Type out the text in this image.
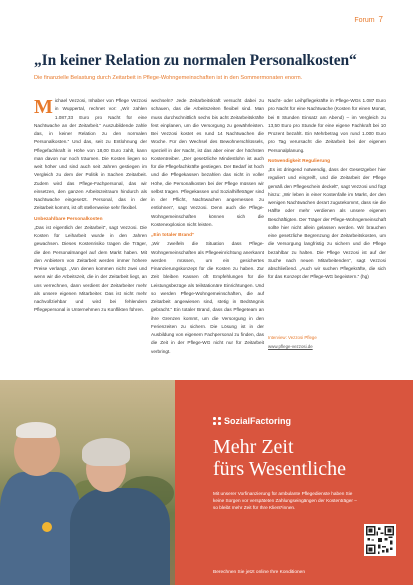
Forum 7
„In keiner Relation zu normalen Personalkosten“
Die finanzielle Belastung durch Zeitarbeit in Pflege-Wohngemeinschaften ist in den Sommermonaten enorm.
M ichael Vezzosi, Inhaber von Pflege Vezzosi in Wuppertal, rechnet vor: „Wir zahlen 1.087,33 Euro pro Nacht für eine Nachtwache an der Zeitarbeit.“ Auszubildende zahle das, in keiner Relation zu den normalen Personalkosten.“ Und das, seit zu Entlohnung der Pflegefachkraft in Höhe von 18,00 Euro zahlt, kann man davon nur noch träumen. Die Kosten liegen so weit höher und sind auch seit Jahren gestiegen im Vergleich zu dem der Politik in Sachen Zeitarbeit. Zudem wird das Pflege-Fachpersonal, das wir einsetzen, den ganzen Arbeitszeitraum hindurch als Nachtwache eingesetzt. Personal, das in der Zeitarbeit kommt, ist oft stellenweise sehr flexibel.

Unbezahlbare Personalkosten

„Das ist eigentlich der Zeitarbeit“, sagt Vezzosi. Die Kosten für Leiharbeit wurde in den Jahren gewachsen. Dieses Kostenrisiko tragen die Träger, die den Personalmangel auf dem Markt haben. Mit den Anbietern von Zeitarbeit werden immer höhere Preise verlangt. „Von denen kommen nicht zwei und wenn wir die Arbeitszeit, die in der Zeitarbeit liegt, an uns verrechnen, dann verdient der Zeitarbeiter mehr als unsere eigenen Mitarbeiter. Das ist nicht mehr nachvollziehbar und wird bei fehlendem Pflegepersonal in Unternehmen zu Konflikten führen.

wechseln? Jede Zeitarbeitskraft versucht dabei zu schauen, das die Arbeitszeiten flexibel sind. Man muss durchschnittlich sechs bis acht Zeitarbeitskräfte fest einplanen, um die Versorgung zu gewährleisten. Bei Vezzosi kostet es rund 14 Nachtwachen die Woche. Für den Wechsel des Bewohnerschlüssels, speziell in der Nacht, ist das aber einer der höchsten Kostentreiber. „Der gesetzliche Mindestlohn ist auch für die Pflegefachkräfte gestiegen. Der Bedarf ist hoch und die Pflegekassen bezahlen das nicht in voller Höhe, die Personalkosten bei der Pflege müssen wir selbst tragen. Pflegekassen und Sozialhilfeträger sind in der Pflicht, Nachtwachen angemessen zu entlohnen“, sagt Vezzosi. Denn auch die Pflege-Wohngemeinschaften können sich die Kostenexplosion nicht leisten.

„Ein totaler Brand“

„Wir zweifeln die Situation dass Pflege-Wohngemeinschaften als Pflegeeinrichtung anerkannt werden müssen, um ein gesichertes Finanzierungskonzept für die Kosten zu haben. Zur Zeit bleiben Kassen oft Empfehlungen für die Leistungsbezüge als teilstationäre Einrichtungen. Und so werden Pflege-Wohngemeinschaften, die auf Zeitarbeit angewiesen sind, stetig in Bedrängnis gebracht.“ Ein totaler Brand, dass das Pflegeteam an ihre Grenzen kommt, um die Versorgung in den Ferienzeiten zu sichern. Die Lösung ist in der Ausbildung von eigenem Fachpersonal zu finden, das die Zeit in der Pflege-WG nicht nur für Zeitarbeit verbringt.

Nacht- oder Leihpflegekräfte in Pflege-WGs 1.087 Euro pro Nacht für eine Nachtwache (Kosten für einen Monat, bei 8 Stunden Einsatz am Abend) – im Vergleich zu 13,50 Euro pro Stunde für eine eigene Fachkraft bei 10 Prozent bezahlt. Ein Mehrbetrag von rund 1.000 Euro pro Tag verursacht die Zeitarbeit bei der eigenen Personalplanung.

Notwendigkeit Regulierung

„Es ist dringend notwendig, dass der Gesetzgeber hier reguliert und eingreift, und die Zeitarbeit der Pflege gemäß den Pflegeschein deckelt“, sagt Vezzosi und fügt hinzu: „Wir leben in einer Kostenfalle im Markt, der den wenigen Nachtwachen derart zugutekommt, dass sie die Hälfte oder mehr verdienen als unsere eigenen Beschäftigten. Der Träger der Pflege-Wohngemeinschaft sollte hier nicht allein gelassen werden. Wir brauchen eine gesetzliche Begrenzung der Zeitarbeitskosten, um die Versorgung langfristig zu sichern und die Pflege bezahlbar zu halten. Die Pflege Vezzosi ist auf der Suche nach neuen Mitarbeitenden“, sagt Vezzosi abschließend. „Auch wir suchen Pflegekräfte, die sich für das Konzept der Pflege-WG begeistern.“ (hg)

Interview: Vezzosi Pflege
www.pflege-vezzosi.de
SozialFactoring
Mehr Zeit
fürs Wesentliche
Mit unserer Vorfinanzierung für ambulante Pflegedienste haben Sie keine Sorgen vor verspäteten Zahlungseingängen der Kostenträger – so bleibt mehr Zeit für Ihre Klient*innen.
Berechnen Sie jetzt online Ihre Konditionen
